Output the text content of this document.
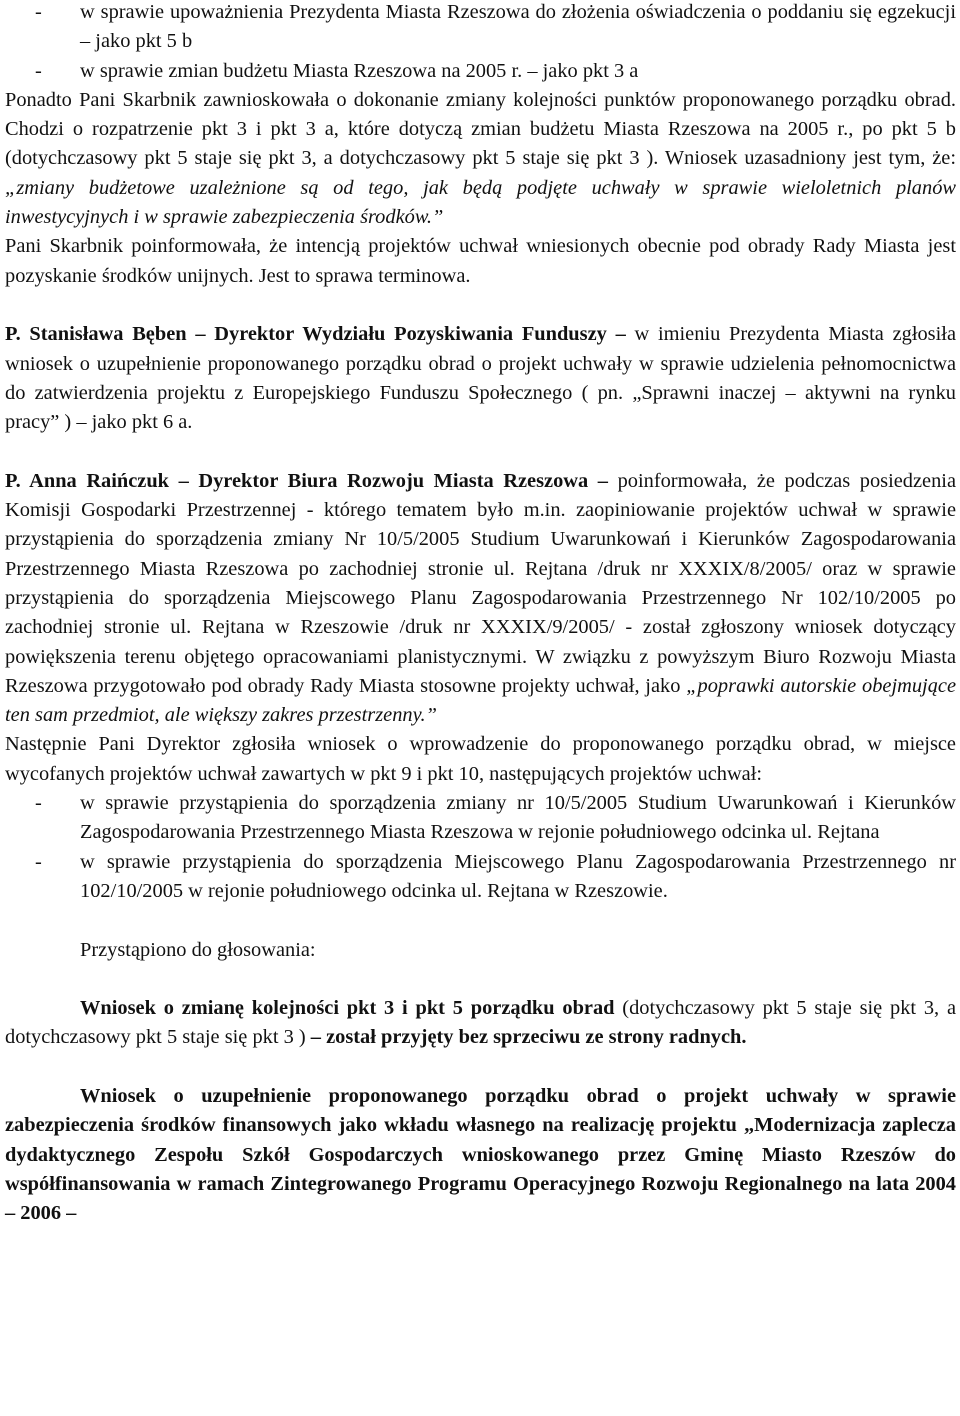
-	w sprawie upoważnienia Prezydenta Miasta Rzeszowa do złożenia oświadczenia o poddaniu się egzekucji – jako pkt 5 b
-	w sprawie zmian budżetu Miasta Rzeszowa na 2005 r. – jako pkt 3 a

Ponadto Pani Skarbnik zawnioskowała o dokonanie zmiany kolejności punktów proponowanego porządku obrad. Chodzi o rozpatrzenie pkt 3 i pkt 3 a, które dotyczą zmian budżetu Miasta Rzeszowa na 2005 r., po pkt 5 b (dotychczasowy pkt 5 staje się pkt 3, a dotychczasowy pkt 5 staje się pkt 3 ). Wniosek uzasadniony jest tym, że: „zmiany budżetowe uzależnione są od tego, jak będą podjęte uchwały w sprawie wieloletnich planów inwestycyjnych i w sprawie zabezpieczenia środków.”

Pani Skarbnik poinformowała, że intencją projektów uchwał wniesionych obecnie pod obrady Rady Miasta jest pozyskanie środków unijnych. Jest to sprawa terminowa.

P. Stanisława Bęben – Dyrektor Wydziału Pozyskiwania Funduszy – w imieniu Prezydenta Miasta zgłosiła wniosek o uzupełnienie proponowanego porządku obrad o projekt uchwały w sprawie udzielenia pełnomocnictwa do zatwierdzenia projektu z Europejskiego Funduszu Społecznego ( pn. „Sprawni inaczej – aktywni na rynku pracy” ) – jako pkt 6 a.

P. Anna Raińczuk – Dyrektor Biura Rozwoju Miasta Rzeszowa – poinformowała, że podczas posiedzenia Komisji Gospodarki Przestrzennej - którego tematem było m.in. zaopiniowanie projektów uchwał w sprawie przystąpienia do sporządzenia zmiany Nr 10/5/2005 Studium Uwarunkowań i Kierunków Zagospodarowania Przestrzennego Miasta Rzeszowa po zachodniej stronie ul. Rejtana /druk nr XXXIX/8/2005/ oraz w sprawie przystąpienia do sporządzenia Miejscowego Planu Zagospodarowania Przestrzennego Nr 102/10/2005 po zachodniej stronie ul. Rejtana w Rzeszowie /druk nr XXXIX/9/2005/ - został zgłoszony wniosek dotyczący powiększenia terenu objętego opracowaniami planistycznymi. W związku z powyższym Biuro Rozwoju Miasta Rzeszowa przygotowało pod obrady Rady Miasta stosowne projekty uchwał, jako „poprawki autorskie obejmujące ten sam przedmiot, ale większy zakres przestrzenny.”

Następnie Pani Dyrektor zgłosiła wniosek o wprowadzenie do proponowanego porządku obrad, w miejsce wycofanych projektów uchwał zawartych w pkt 9 i pkt 10, następujących projektów uchwał:

-	w sprawie przystąpienia do sporządzenia zmiany nr 10/5/2005 Studium Uwarunkowań i Kierunków Zagospodarowania Przestrzennego Miasta Rzeszowa w rejonie południowego odcinka ul. Rejtana
-	w sprawie przystąpienia do sporządzenia Miejscowego Planu Zagospodarowania Przestrzennego nr 102/10/2005 w rejonie południowego odcinka ul. Rejtana w Rzeszowie.

Przystąpiono do głosowania:

Wniosek o zmianę kolejności pkt 3 i pkt 5 porządku obrad (dotychczasowy pkt 5 staje się pkt 3, a dotychczasowy pkt 5 staje się pkt 3 ) – został przyjęty bez sprzeciwu ze strony radnych.

Wniosek o uzupełnienie proponowanego porządku obrad o projekt uchwały w sprawie zabezpieczenia środków finansowych jako wkładu własnego na realizację projektu „Modernizacja zaplecza dydaktycznego Zespołu Szkół Gospodarczych wnioskowanego przez Gminę Miasto Rzeszów do współfinansowania w ramach Zintegrowanego Programu Operacyjnego Rozwoju Regionalnego na lata 2004 – 2006 –
